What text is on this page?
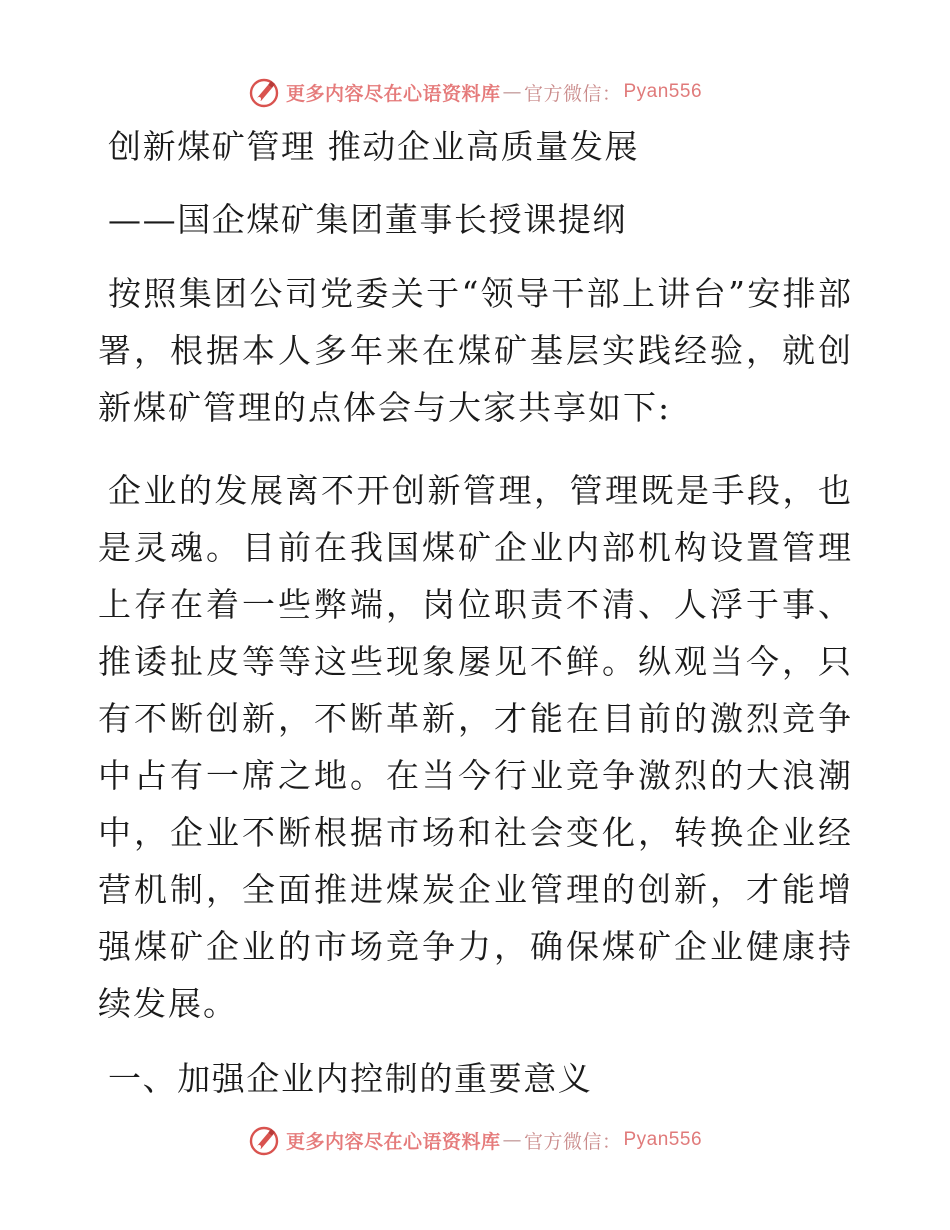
更多内容尽在心语资料库 — 官方微信： Pyan556
创新煤矿管理 推动企业高质量发展
——国企煤矿集团董事长授课提纲

按照集团公司党委关于“领导干部上讲台”安排部署，根据本人多年来在煤矿基层实践经验，就创新煤矿管理的点体会与大家共享如下:

企业的发展离不开创新管理，管理既是手段，也是灵魂。目前在我国煤矿企业内部机构设置管理上存在着一些弊端，岗位职责不清、人浮于事、推诿扯皮等等这些现象屡见不鲜。纵观当今，只有不断创新，不断革新，才能在目前的激烈竞争中占有一席之地。在当今行业竞争激烈的大浪潮中，企业不断根据市场和社会变化，转换企业经营机制，全面推进煤炭企业管理的创新，才能增强煤矿企业的市场竞争力，确保煤矿企业健康持续发展。

一、加强企业内控制的重要意义
更多内容尽在心语资料库 — 官方微信： Pyan556
